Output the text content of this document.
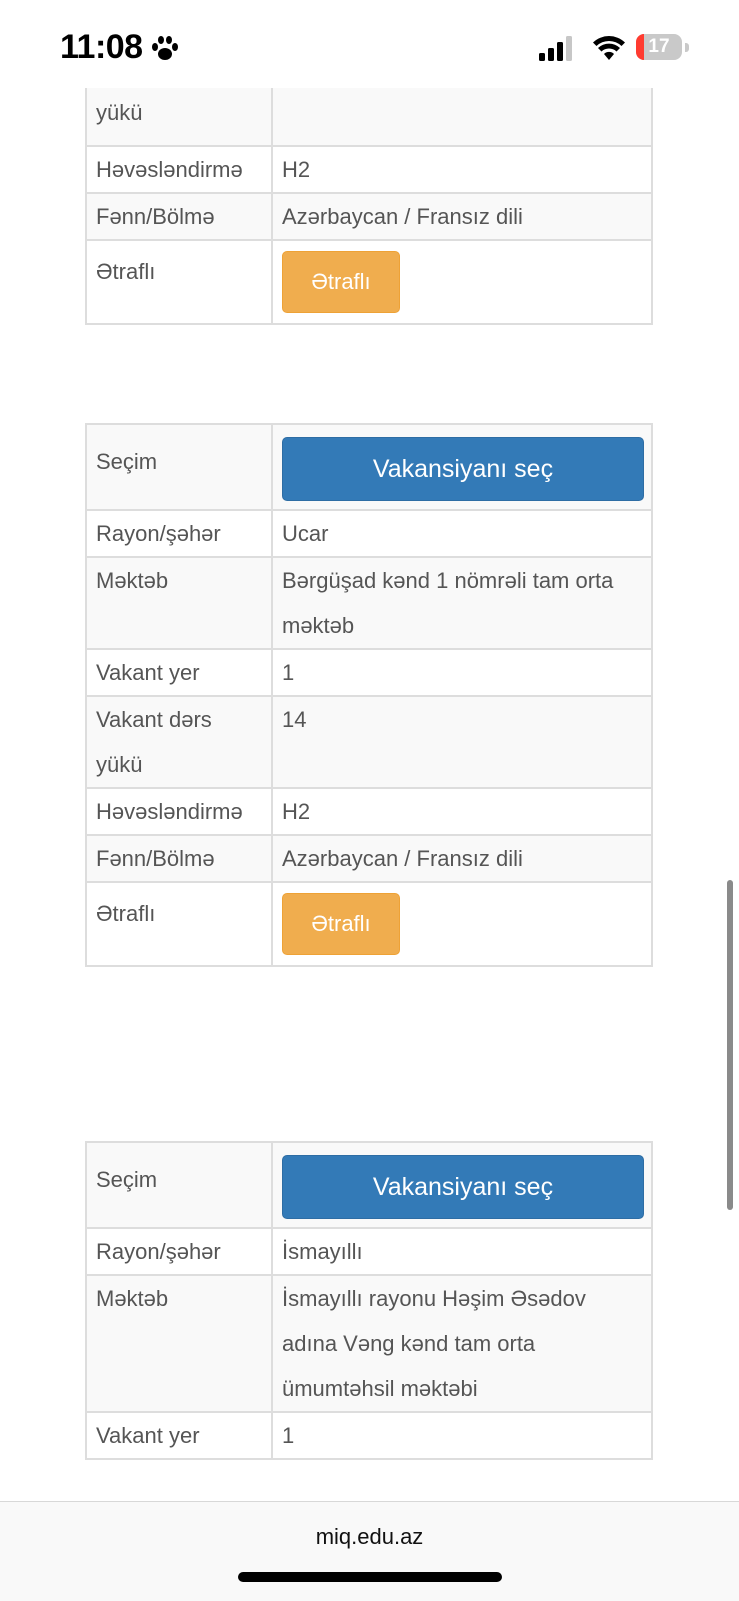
11:08	17
yükü	
Həvəsləndirmə	H2
Fənn/Bölmə	Azərbaycan / Fransız dili
Ətraflı	Ətraflı
Seçim	Vakansiyanı seç

Rayon/şəhər	Ucar
Məktəb	Bərgüşad kənd 1 nömrəli tam orta məktəb
Vakant yer	1
Vakant dərs yükü	14
Həvəsləndirmə	H2
Fənn/Bölmə	Azərbaycan / Fransız dili
Ətraflı	Ətraflı
Seçim	Vakansiyanı seç

Rayon/şəhər	İsmayıllı
Məktəb	İsmayıllı rayonu Həşim Əsədov adına Vəng kənd tam orta ümumtəhsil məktəbi
Vakant yer	1
miq.edu.az
